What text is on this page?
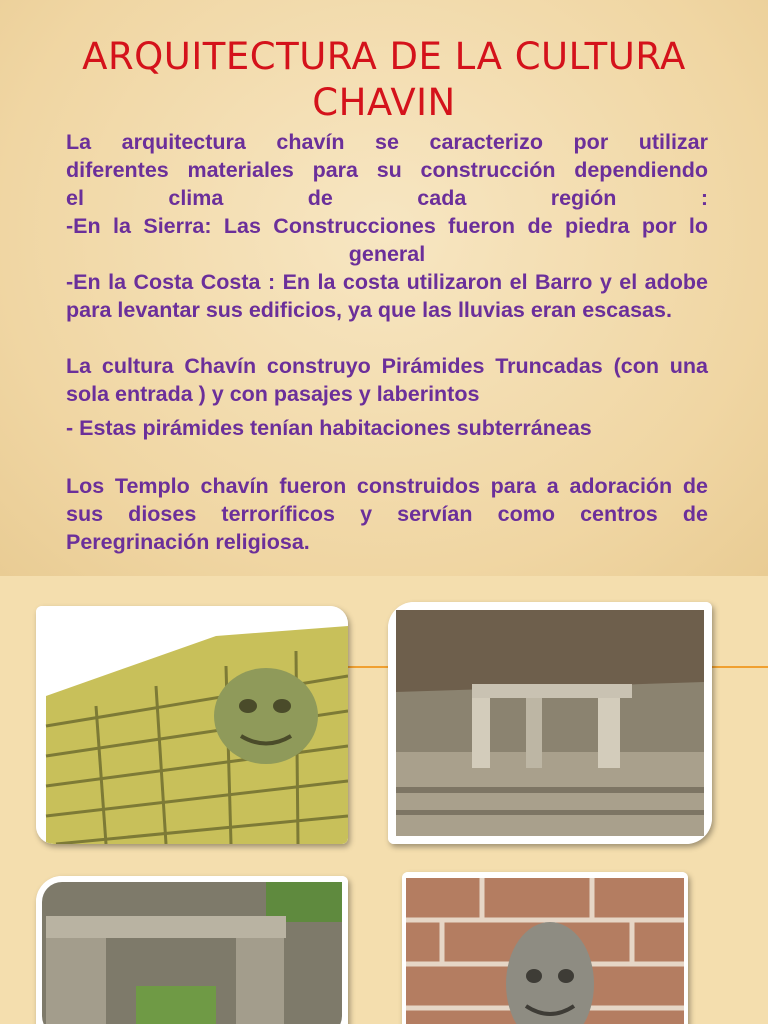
ARQUITECTURA DE LA CULTURA
CHAVIN

La arquitectura chavín se caracterizo por utilizar

diferentes materiales para su construcción dependiendo

el clima de cada región :

-En la Sierra: Las Construcciones fueron de piedra por lo

general

-En la Costa Costa : En la costa utilizaron el Barro y el adobe para levantar sus edificios, ya que las lluvias eran escasas.

La cultura Chavín construyo Pirámides Truncadas (con una sola entrada ) y con pasajes y laberintos

- Estas pirámides tenían habitaciones subterráneas

Los Templo chavín fueron construidos para a adoración de sus dioses terroríficos y servían como centros de Peregrinación religiosa.
